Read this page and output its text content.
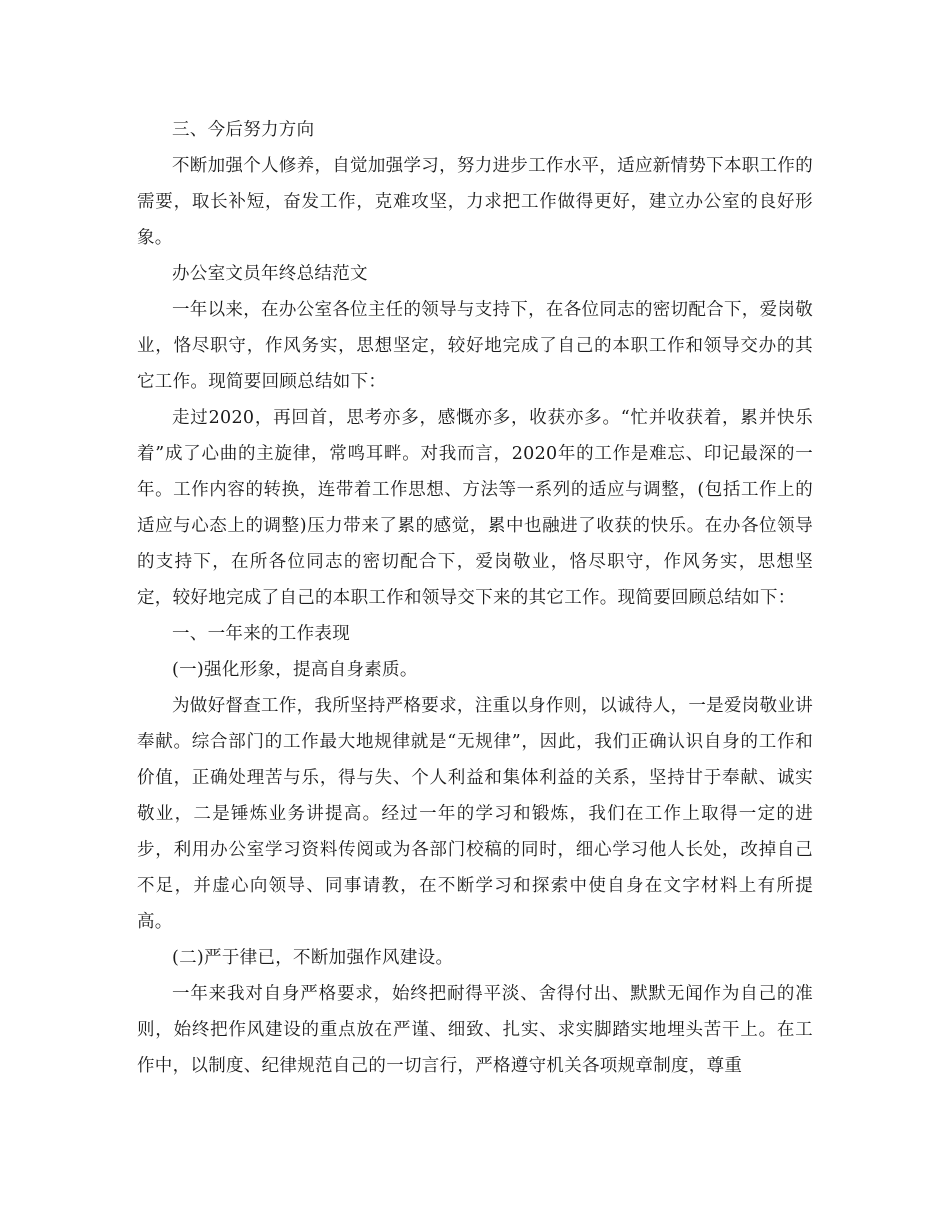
三、今后努力方向

不断加强个人修养，自觉加强学习，努力进步工作水平，适应新情势下本职工作的需要，取长补短，奋发工作，克难攻坚，力求把工作做得更好，建立办公室的良好形象。

办公室文员年终总结范文

一年以来，在办公室各位主任的领导与支持下，在各位同志的密切配合下，爱岗敬业，恪尽职守，作风务实，思想坚定，较好地完成了自己的本职工作和领导交办的其它工作。现简要回顾总结如下：

走过2020，再回首，思考亦多，感慨亦多，收获亦多。“忙并收获着，累并快乐着”成了心曲的主旋律，常鸣耳畔。对我而言，2020年的工作是难忘、印记最深的一年。工作内容的转换，连带着工作思想、方法等一系列的适应与调整，(包括工作上的适应与心态上的调整)压力带来了累的感觉，累中也融进了收获的快乐。在办各位领导的支持下，在所各位同志的密切配合下，爱岗敬业，恪尽职守，作风务实，思想坚定，较好地完成了自己的本职工作和领导交下来的其它工作。现简要回顾总结如下：

一、一年来的工作表现

(一)强化形象，提高自身素质。

为做好督查工作，我所坚持严格要求，注重以身作则，以诚待人，一是爱岗敬业讲奉献。综合部门的工作最大地规律就是“无规律”，因此，我们正确认识自身的工作和价值，正确处理苦与乐，得与失、个人利益和集体利益的关系，坚持甘于奉献、诚实敬业，二是锤炼业务讲提高。经过一年的学习和锻炼，我们在工作上取得一定的进步，利用办公室学习资料传阅或为各部门校稿的同时，细心学习他人长处，改掉自己不足，并虚心向领导、同事请教，在不断学习和探索中使自身在文字材料上有所提高。

(二)严于律已，不断加强作风建设。

一年来我对自身严格要求，始终把耐得平淡、舍得付出、默默无闻作为自己的准则，始终把作风建设的重点放在严谨、细致、扎实、求实脚踏实地埋头苦干上。在工作中，以制度、纪律规范自己的一切言行，严格遵守机关各项规章制度，尊重
